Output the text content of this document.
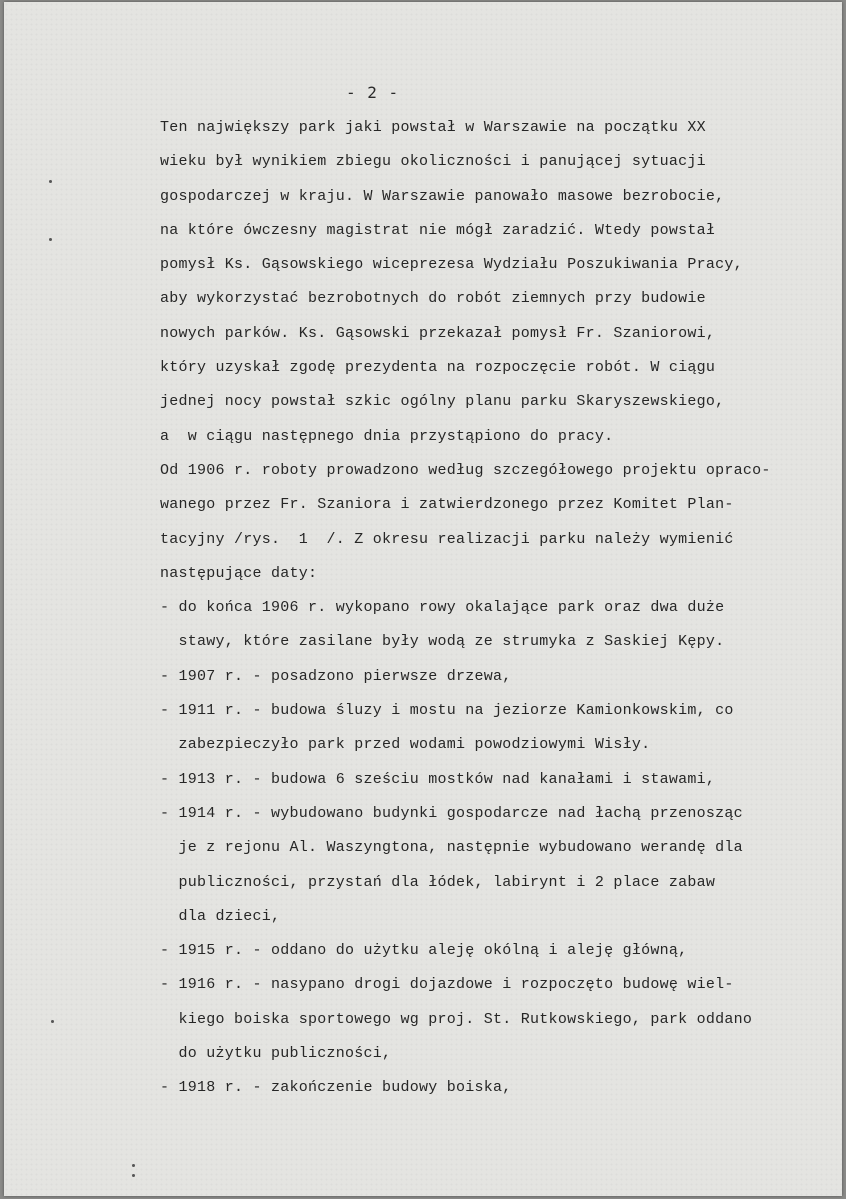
- 2 -
Ten największy park jaki powstał w Warszawie na początku XX
wieku był wynikiem zbiegu okoliczności i panującej sytuacji
gospodarczej w kraju. W Warszawie panowało masowe bezrobocie,
na które ówczesny magistrat nie mógł zaradzić. Wtedy powstał
pomysł Ks. Gąsowskiego wiceprezesa Wydziału Poszukiwania Pracy,
aby wykorzystać bezrobotnych do robót ziemnych przy budowie
nowych parków. Ks. Gąsowski przekazał pomysł Fr. Szaniorowi,
który uzyskał zgodę prezydenta na rozpoczęcie robót. W ciągu
jednej nocy powstał szkic ogólny planu parku Skaryszewskiego,
a  w ciągu następnego dnia przystąpiono do pracy.
Od 1906 r. roboty prowadzono według szczegółowego projektu opraco-
wanego przez Fr. Szaniora i zatwierdzonego przez Komitet Plan-
tacyjny /rys.  1  /. Z okresu realizacji parku należy wymienić
następujące daty:
- do końca 1906 r. wykopano rowy okalające park oraz dwa duże
stawy, które zasilane były wodą ze strumyka z Saskiej Kępy.
- 1907 r. - posadzono pierwsze drzewa,
- 1911 r. - budowa śluzy i mostu na jeziorze Kamionkowskim, co
zabezpieczyło park przed wodami powodziowymi Wisły.
- 1913 r. - budowa 6 sześciu mostków nad kanałami i stawami,
- 1914 r. - wybudowano budynki gospodarcze nad łachą przenosząc
je z rejonu Al. Waszyngtona, następnie wybudowano werandę dla
publiczności, przystań dla łódek, labirynt i 2 place zabaw
dla dzieci,
- 1915 r. - oddano do użytku aleję okólną i aleję główną,
- 1916 r. - nasypano drogi dojazdowe i rozpoczęto budowę wiel-
kiego boiska sportowego wg proj. St. Rutkowskiego, park oddano
do użytku publiczności,
- 1918 r. - zakończenie budowy boiska,
